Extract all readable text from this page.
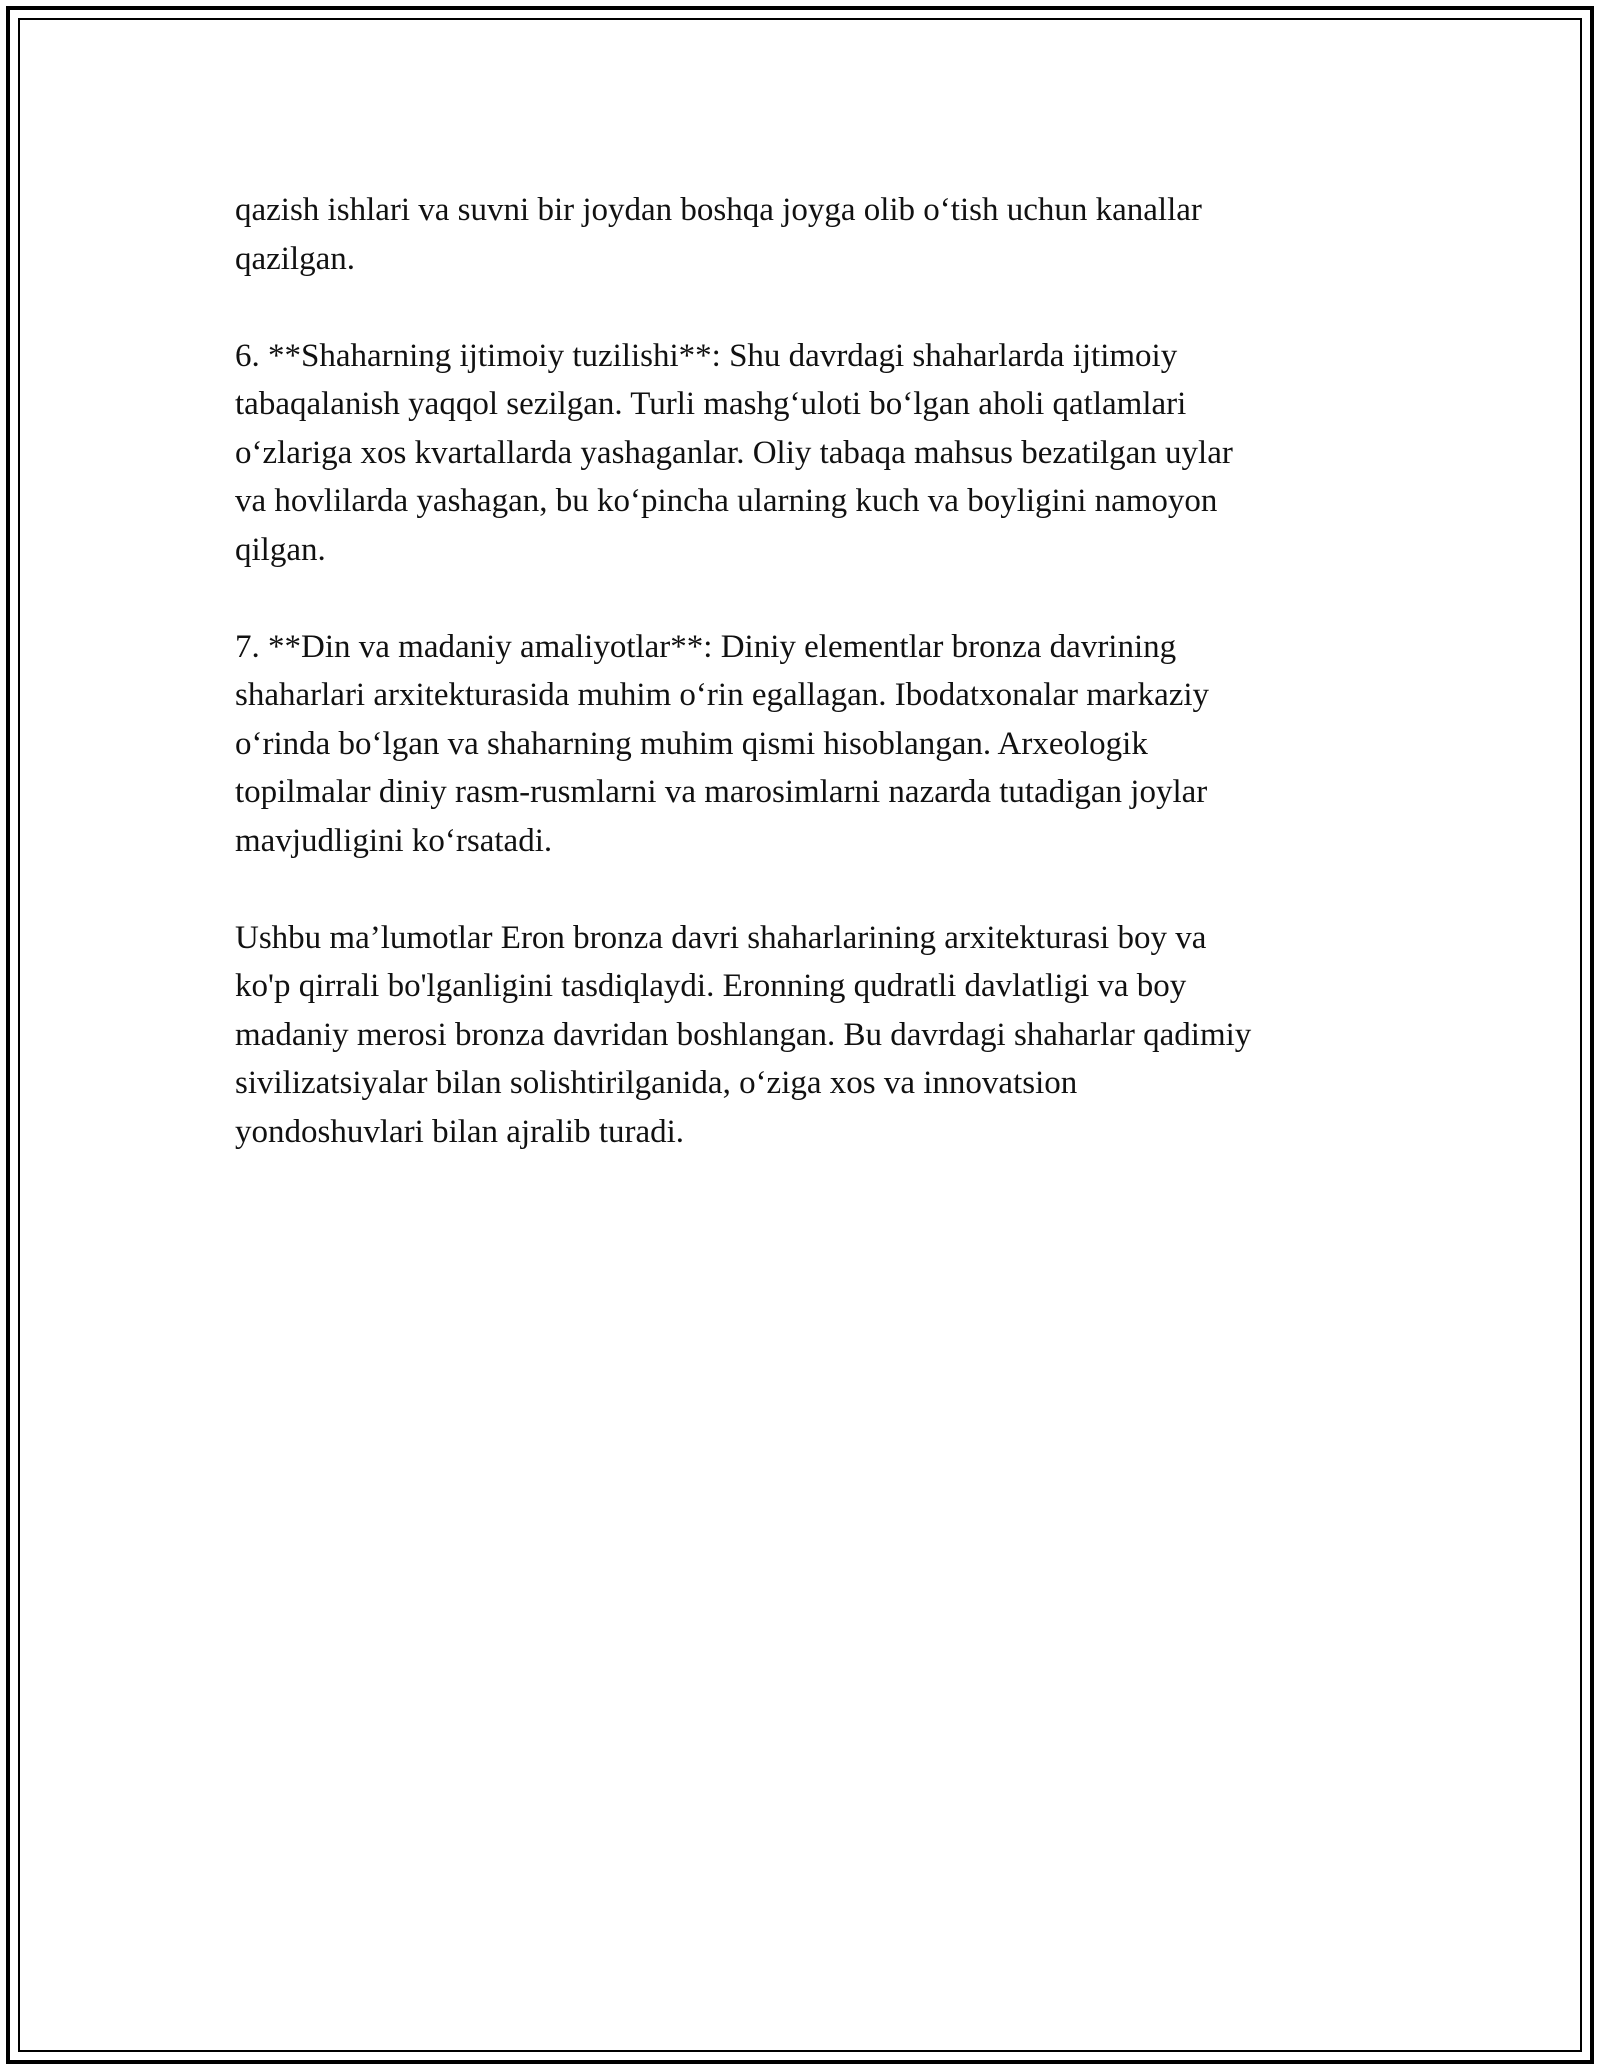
qazish ishlari va suvni bir joydan boshqa joyga olib oʻtish uchun kanallar
qazilgan.

6. **Shaharning ijtimoiy tuzilishi**: Shu davrdagi shaharlarda ijtimoiy
tabaqalanish yaqqol sezilgan. Turli mashgʻuloti boʻlgan aholi qatlamlari
oʻzlariga xos kvartallarda yashaganlar. Oliy tabaqa mahsus bezatilgan uylar
va hovlilarda yashagan, bu koʻpincha ularning kuch va boyligini namoyon
qilgan.

7. **Din va madaniy amaliyotlar**: Diniy elementlar bronza davrining
shaharlari arxitekturasida muhim oʻrin egallagan. Ibodatxonalar markaziy
oʻrinda boʻlgan va shaharning muhim qismi hisoblangan. Arxeologik
topilmalar diniy rasm-rusmlarni va marosimlarni nazarda tutadigan joylar
mavjudligini koʻrsatadi.

Ushbu ma’lumotlar Eron bronza davri shaharlarining arxitekturasi boy va
ko'p qirrali bo'lganligini tasdiqlaydi. Eronning qudratli davlatligi va boy
madaniy merosi bronza davridan boshlangan. Bu davrdagi shaharlar qadimiy
sivilizatsiyalar bilan solishtirilganida, oʻziga xos va innovatsion
yondoshuvlari bilan ajralib turadi.
